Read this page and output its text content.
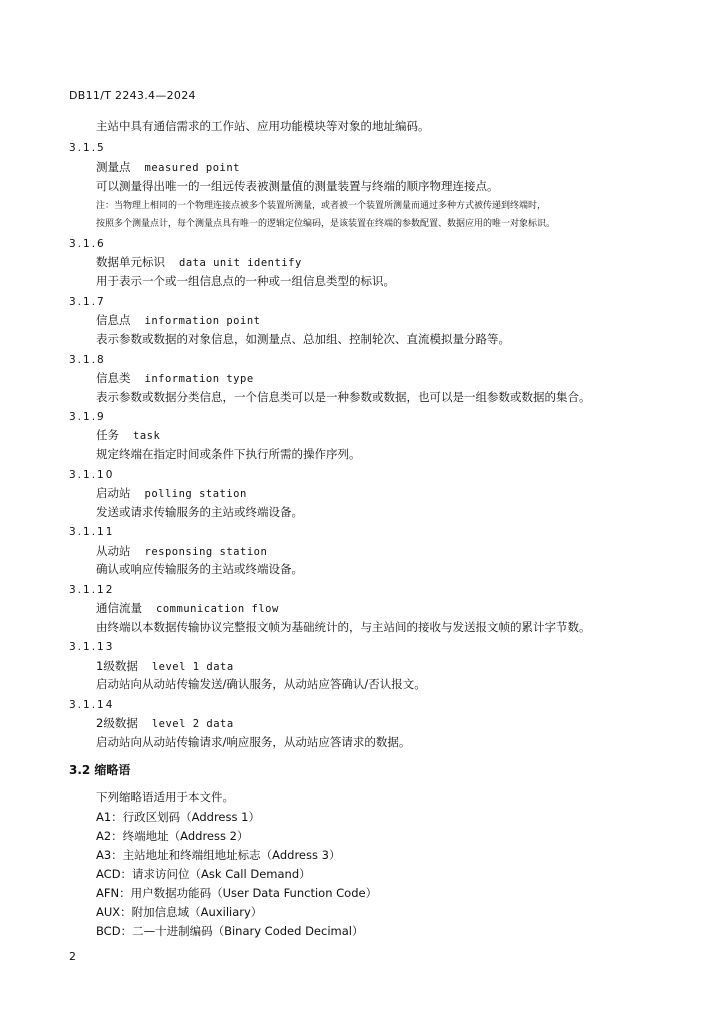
DB11/T 2243.4—2024
主站中具有通信需求的工作站、应用功能模块等对象的地址编码。
3.1.5
测量点 measured point
可以测量得出唯一的一组远传表被测量值的测量装置与终端的顺序物理连接点。
注：当物理上相同的一个物理连接点被多个装置所测量，或者被一个装置所测量而通过多种方式被传递到终端时，
按照多个测量点计，每个测量点具有唯一的逻辑定位编码，是该装置在终端的参数配置、数据应用的唯一对象标识。
3.1.6
数据单元标识 data unit identify
用于表示一个或一组信息点的一种或一组信息类型的标识。
3.1.7
信息点 information point
表示参数或数据的对象信息，如测量点、总加组、控制轮次、直流模拟量分路等。
3.1.8
信息类 information type
表示参数或数据分类信息，一个信息类可以是一种参数或数据，也可以是一组参数或数据的集合。
3.1.9
任务 task
规定终端在指定时间或条件下执行所需的操作序列。
3.1.10
启动站 polling station
发送或请求传输服务的主站或终端设备。
3.1.11
从动站 responsing station
确认或响应传输服务的主站或终端设备。
3.1.12
通信流量 communication flow
由终端以本数据传输协议完整报文帧为基础统计的，与主站间的接收与发送报文帧的累计字节数。
3.1.13
1级数据 level 1 data
启动站向从动站传输发送/确认服务，从动站应答确认/否认报文。
3.1.14
2级数据 level 2 data
启动站向从动站传输请求/响应服务，从动站应答请求的数据。
3.2 缩略语
下列缩略语适用于本文件。
A1：行政区划码（Address 1）
A2：终端地址（Address 2）
A3：主站地址和终端组地址标志（Address 3）
ACD：请求访问位（Ask Call Demand）
AFN：用户数据功能码（User Data Function Code）
AUX：附加信息域（Auxiliary）
BCD：二—十进制编码（Binary Coded Decimal）
2
